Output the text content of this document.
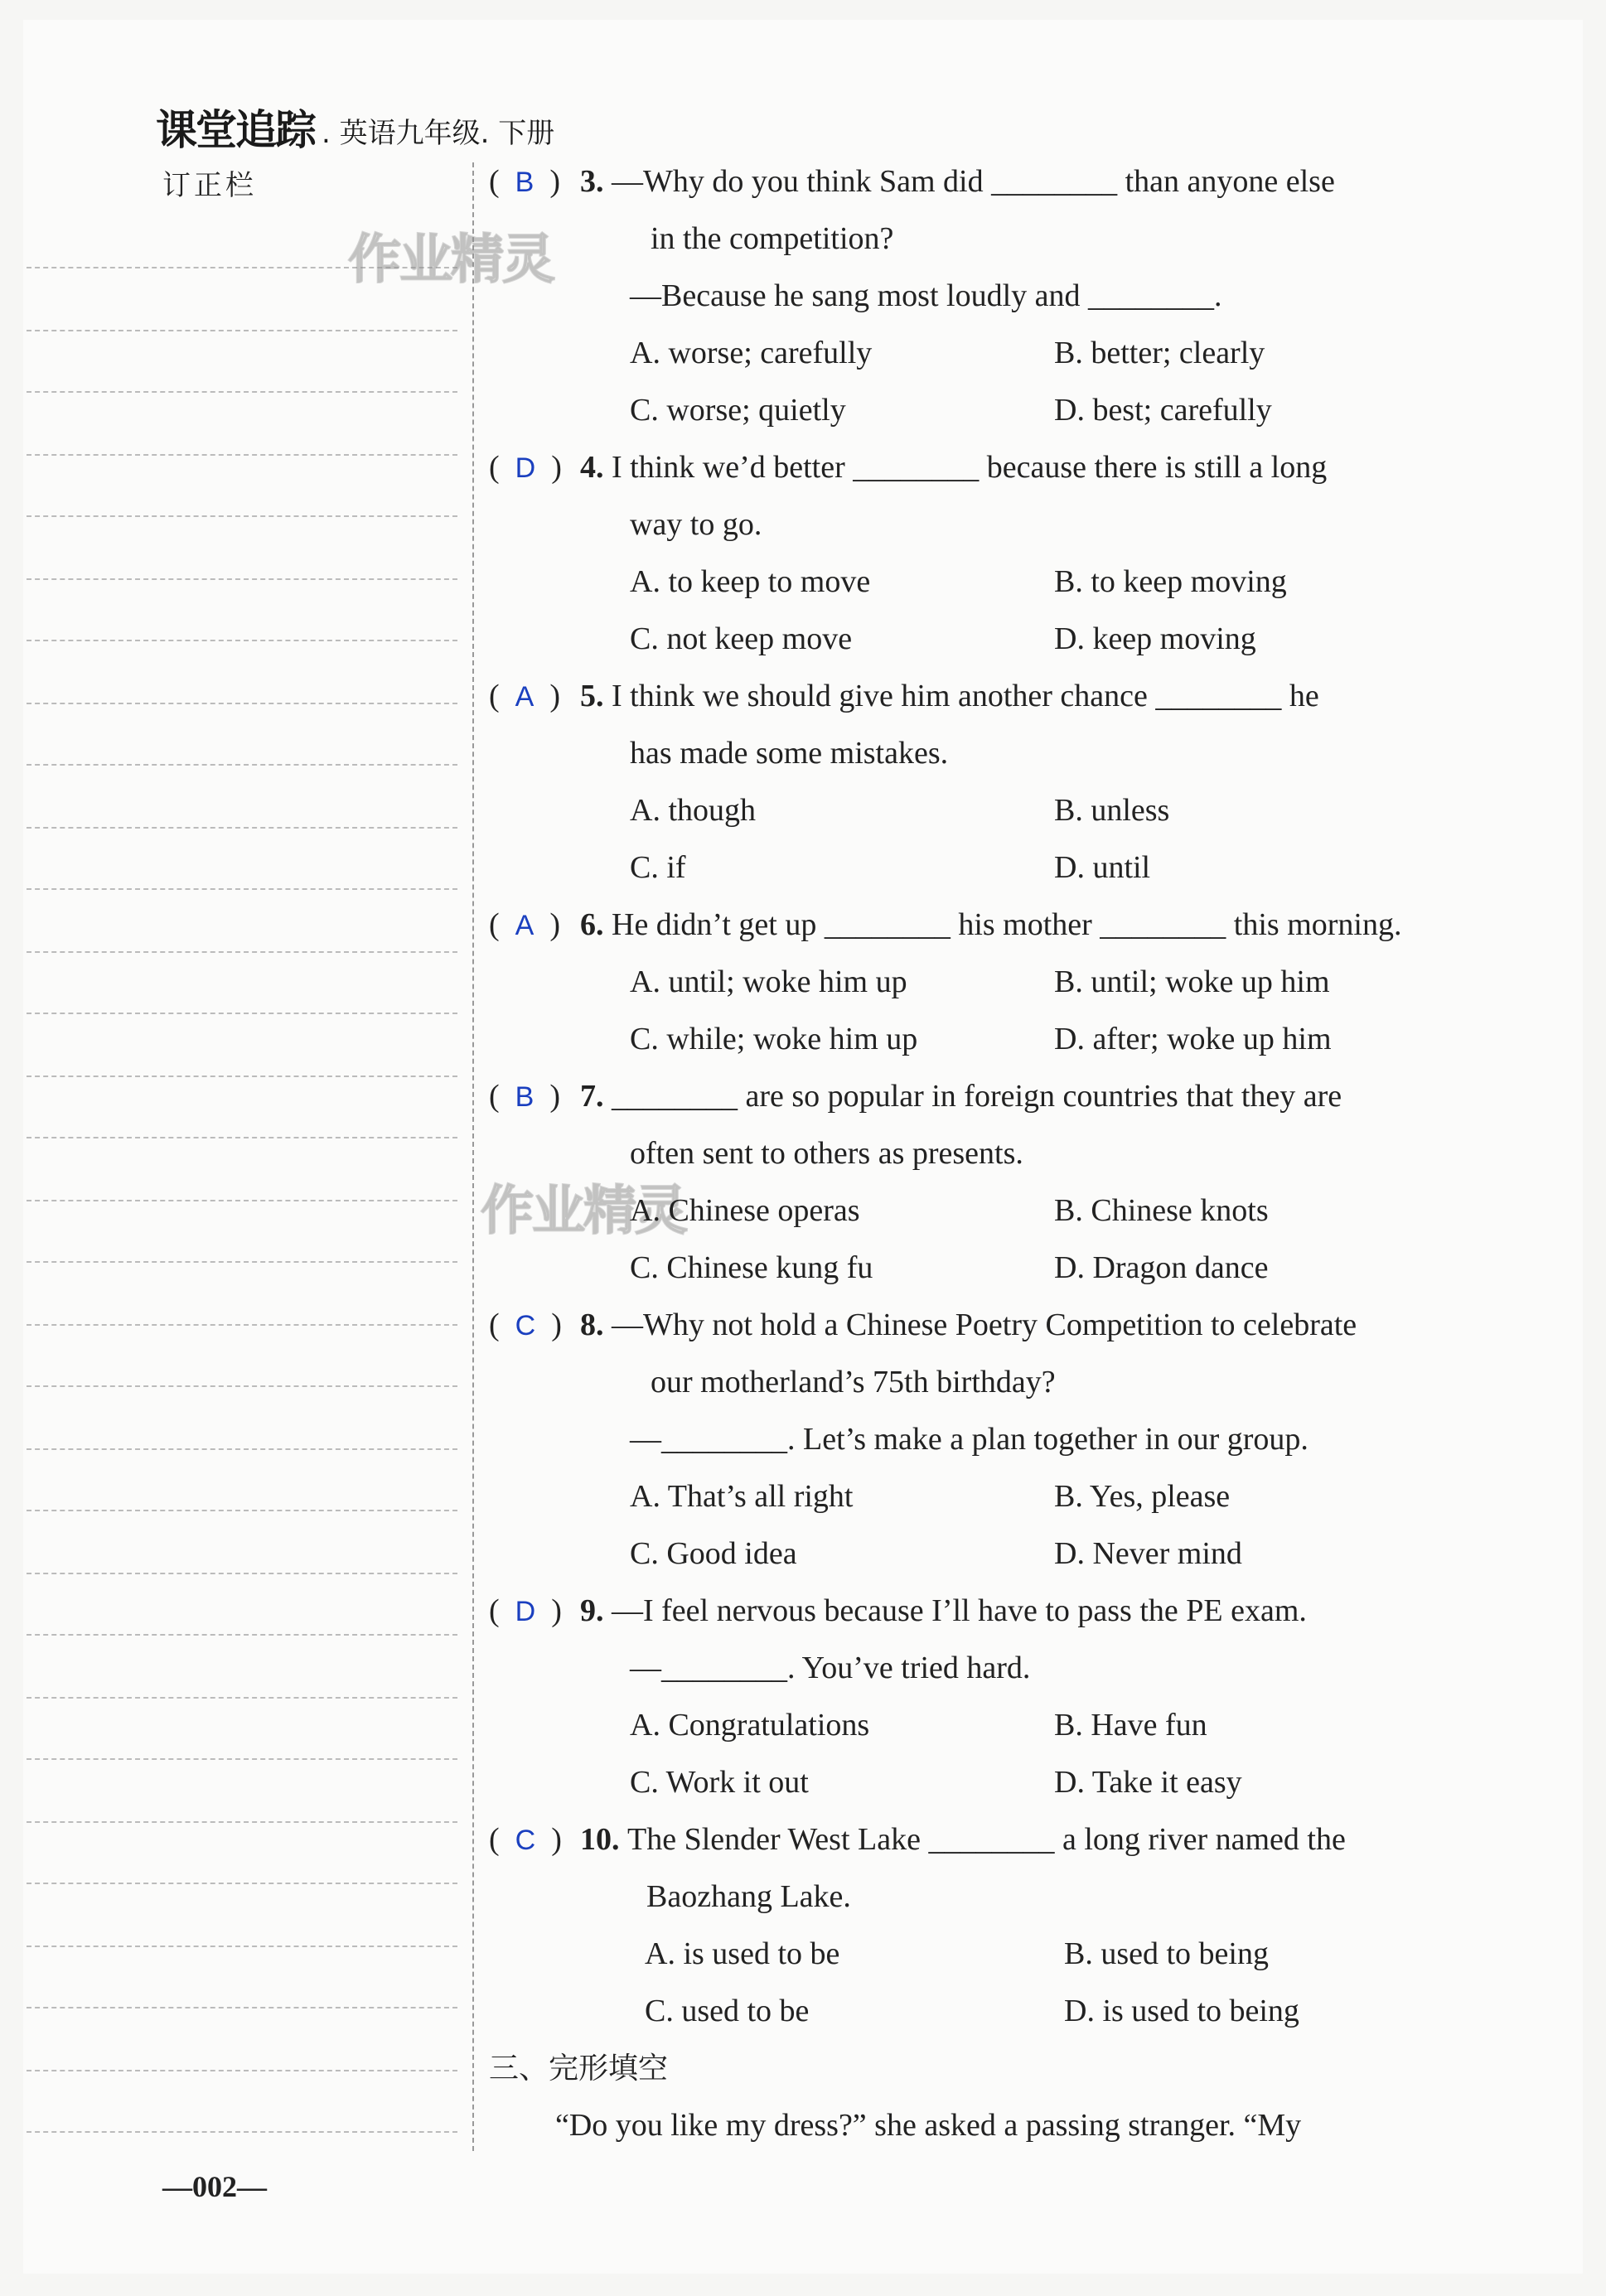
课堂追踪 . 英语九年级. 下册
订正栏
作业精灵
作业精灵
(  B  ) 3. —Why do you think Sam did ________ than anyone else
in the competition?
—Because he sang most loudly and ________.
A. worse; carefully	B. better; clearly
C. worse; quietly	D. best; carefully
(  D  ) 4. I think we’d better ________ because there is still a long
way to go.
A. to keep to move	B. to keep moving
C. not keep move	D. keep moving
(  A  ) 5. I think we should give him another chance ________ he
has made some mistakes.
A. though	B. unless
C. if	D. until
(  A  ) 6. He didn’t get up ________ his mother ________ this morning.
A. until; woke him up	B. until; woke up him
C. while; woke him up	D. after; woke up him
(  B  ) 7. ________ are so popular in foreign countries that they are
often sent to others as presents.
A. Chinese operas	B. Chinese knots
C. Chinese kung fu	D. Dragon dance
(  C  ) 8. —Why not hold a Chinese Poetry Competition to celebrate
our motherland’s 75th birthday?
—________. Let’s make a plan together in our group.
A. That’s all right	B. Yes, please
C. Good idea	D. Never mind
(  D  ) 9. —I feel nervous because I’ll have to pass the PE exam.
—________. You’ve tried hard.
A. Congratulations	B. Have fun
C. Work it out	D. Take it easy
(  C  ) 10. The Slender West Lake ________ a long river named the
Baozhang Lake.
A. is used to be	B. used to being
C. used to be	D. is used to being
三、完形填空
“Do you like my dress?” she asked a passing stranger. “My
—002—
